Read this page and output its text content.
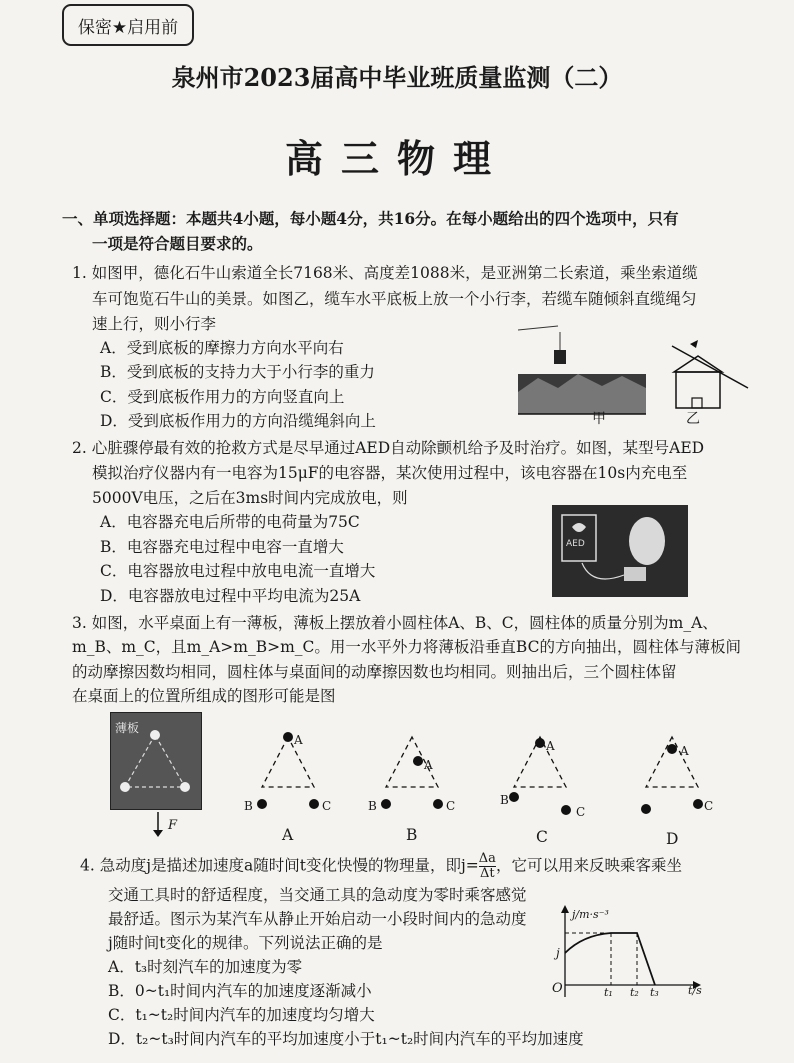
保密★启用前
泉州市2023届高中毕业班质量监测（二）
高三物理
一、单项选择题：本题共4小题，每小题4分，共16分。在每小题给出的四个选项中，只有
一项是符合题目要求的。
1. 如图甲，德化石牛山索道全长7168米、高度差1088米，是亚洲第二长索道，乘坐索道缆
车可饱览石牛山的美景。如图乙，缆车水平底板上放一个小行李，若缆车随倾斜直缆绳匀
速上行，则小行李
A．受到底板的摩擦力方向水平向右
B．受到底板的支持力大于小行李的重力
C．受到底板作用力的方向竖直向上
D．受到底板作用力的方向沿缆绳斜向上	甲	乙
2. 心脏骤停最有效的抢救方式是尽早通过AED自动除颤机给予及时治疗。如图，某型号AED
模拟治疗仪器内有一电容为15μF的电容器，某次使用过程中，该电容器在10s内充电至
5000V电压，之后在3ms时间内完成放电，则
A．电容器充电后所带的电荷量为75C
B．电容器充电过程中电容一直增大
C．电容器放电过程中放电电流一直增大
D．电容器放电过程中平均电流为25A
AED
3. 如图，水平桌面上有一薄板，薄板上摆放着小圆柱体A、B、C，圆柱体的质量分别为m_A、
m_B、m_C，且m_A>m_B>m_C。用一水平外力将薄板沿垂直BC的方向抽出，圆柱体与薄板间
的动摩擦因数均相同，圆柱体与桌面间的动摩擦因数也均相同。则抽出后，三个圆柱体留
在桌面上的位置所组成的图形可能是图
薄板
F
A
B	C
A
A
B	C
B
A
B
C
C
A
C
D
4. 急动度j是描述加速度a随时间t变化快慢的物理量，即$j= \frac{\Delta a}{\Delta t}$ ，它可以用来反映乘客乘坐
交通工具时的舒适程度，当交通工具的急动度为零时乘客感觉
最舒适。图示为某汽车从静止开始启动一小段时间内的急动度
j随时间t变化的规律。下列说法正确的是
A．t₃时刻汽车的加速度为零
B．0~t₁时间内汽车的加速度逐渐减小
C．t₁~t₂时间内汽车的加速度均匀增大
D．t₂~t₃时间内汽车的平均加速度小于t₁~t₂时间内汽车的平均加速度
j/m·s⁻³
t/s
O
j
t₁ t₂ t₃
